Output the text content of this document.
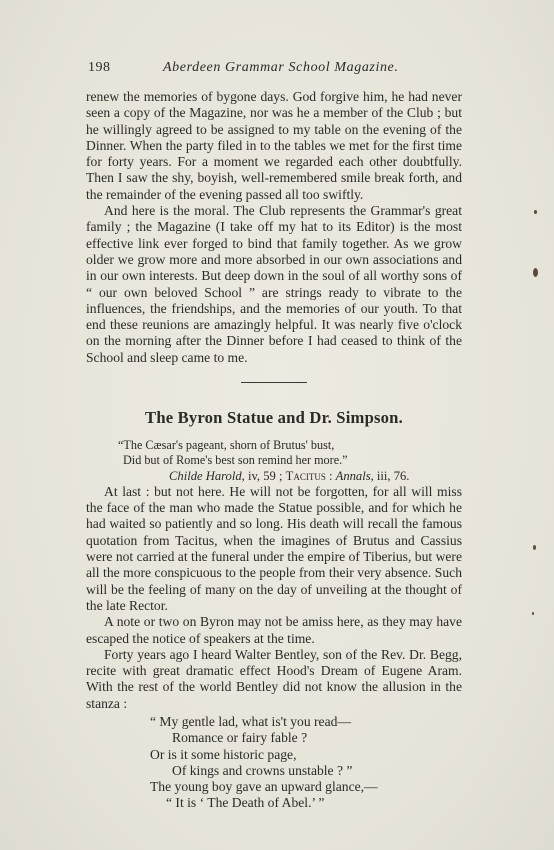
198	Aberdeen Grammar School Magazine.

renew the memories of bygone days. God forgive him, he had never seen a copy of the Magazine, nor was he a member of the Club ; but he willingly agreed to be assigned to my table on the evening of the Dinner. When the party filed in to the tables we met for the first time for forty years. For a moment we regarded each other doubtfully. Then I saw the shy, boyish, well-remembered smile break forth, and the remainder of the evening passed all too swiftly.

And here is the moral. The Club represents the Grammar's great family ; the Magazine (I take off my hat to its Editor) is the most effective link ever forged to bind that family together. As we grow older we grow more and more absorbed in our own associations and in our own interests. But deep down in the soul of all worthy sons of “ our own beloved School ” are strings ready to vibrate to the influences, the friendships, and the memories of our youth. To that end these reunions are amazingly helpful. It was nearly five o'clock on the morning after the Dinner before I had ceased to think of the School and sleep came to me.

The Byron Statue and Dr. Simpson.
“The Cæsar's pageant, shorn of Brutus' bust,
Did but of Rome's best son remind her more.”
Childe Harold, iv, 59 ; Tacitus : Annals, iii, 76.

At last : but not here. He will not be forgotten, for all will miss the face of the man who made the Statue possible, and for which he had waited so patiently and so long. His death will recall the famous quotation from Tacitus, when the imagines of Brutus and Cassius were not carried at the funeral under the empire of Tiberius, but were all the more conspicuous to the people from their very absence. Such will be the feeling of many on the day of unveiling at the thought of the late Rector.

A note or two on Byron may not be amiss here, as they may have escaped the notice of speakers at the time.

Forty years ago I heard Walter Bentley, son of the Rev. Dr. Begg, recite with great dramatic effect Hood's Dream of Eugene Aram. With the rest of the world Bentley did not know the allusion in the stanza :

“ My gentle lad, what is't you read—
Romance or fairy fable ?
Or is it some historic page,
Of kings and crowns unstable ? ”
The young boy gave an upward glance,—
“ It is ‘ The Death of Abel.’ ”
